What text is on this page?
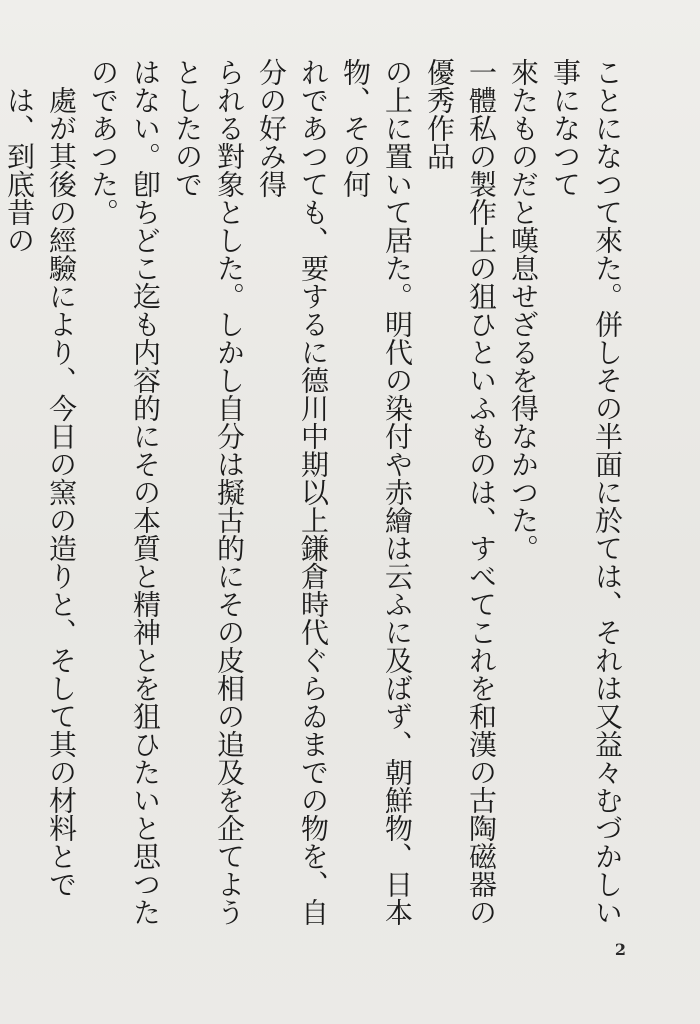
ことになつて來た。併しその半面に於ては、それは又益々むづかしい事になつて
來たものだと嘆息せざるを得なかつた。
一體私の製作上の狙ひといふものは、すべてこれを和漢の古陶磁器の優秀作品
の上に置いて居た。明代の染付や赤繪は云ふに及ばず、朝鮮物、日本物、その何
れであつても、要するに德川中期以上鎌倉時代ぐらゐまでの物を、自分の好み得
られる對象とした。しかし自分は擬古的にその皮相の追及を企てようとしたので
はない。卽ちどこ迄も内容的にその本質と精神とを狙ひたいと思つたのであつた。
處が其後の經驗により、今日の窯の造りと、そして其の材料とでは、到底昔の
2
